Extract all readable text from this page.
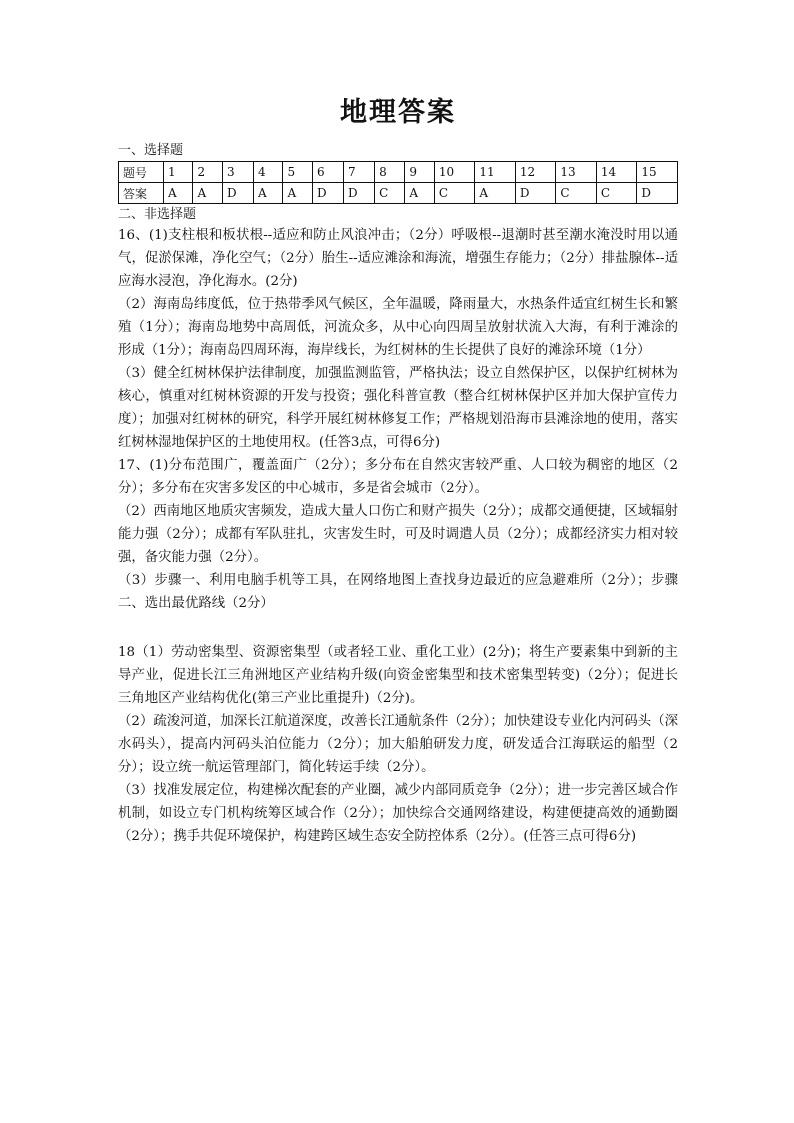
地理答案

一、选择题

题号	1	2	3	4	5	6	7	8	9	10	11	12	13	14	15
答案	A	A	D	A	A	D	D	C	A	C	A	D	C	C	D

二、非选择题

16、(1)支柱根和板状根--适应和防止风浪冲击；（2分）呼吸根--退潮时甚至潮水淹没时用以通气，促淤保滩，净化空气；（2分）胎生--适应滩涂和海流，增强生存能力；（2分）排盐腺体--适应海水浸泡，净化海水。(2分)

（2）海南岛纬度低，位于热带季风气候区，全年温暖，降雨量大，水热条件适宜红树生长和繁殖（1分）；海南岛地势中高周低，河流众多，从中心向四周呈放射状流入大海，有利于滩涂的形成（1分）；海南岛四周环海，海岸线长，为红树林的生长提供了良好的滩涂环境（1分）

（3）健全红树林保护法律制度，加强监测监管，严格执法；设立自然保护区，以保护红树林为核心，慎重对红树林资源的开发与投资；强化科普宣教（整合红树林保护区并加大保护宣传力度）；加强对红树林的研究，科学开展红树林修复工作；严格规划沿海市县滩涂地的使用，落实红树林湿地保护区的土地使用权。(任答3点，可得6分)

17、(1)分布范围广，覆盖面广（2分）；多分布在自然灾害较严重、人口较为稠密的地区（2分）；多分布在灾害多发区的中心城市，多是省会城市（2分）。

（2）西南地区地质灾害频发，造成大量人口伤亡和财产损失（2分）；成都交通便捷，区域辐射能力强（2分）；成都有军队驻扎，灾害发生时，可及时调遣人员（2分）；成都经济实力相对较强，备灾能力强（2分）。

（3）步骤一、利用电脑手机等工具，在网络地图上查找身边最近的应急避难所（2分）；步骤二、选出最优路线（2分）

18（1）劳动密集型、资源密集型（或者轻工业、重化工业）(2分)；将生产要素集中到新的主导产业，促进长江三角洲地区产业结构升级(向资金密集型和技术密集型转变)（2分）；促进长三角地区产业结构优化(第三产业比重提升)（2分)。

（2）疏浚河道，加深长江航道深度，改善长江通航条件（2分）；加快建设专业化内河码头（深水码头），提高内河码头泊位能力（2分）；加大船舶研发力度，研发适合江海联运的船型（2分）；设立统一航运管理部门，简化转运手续（2分）。

（3）找准发展定位，构建梯次配套的产业圈，减少内部同质竞争（2分）；进一步完善区域合作机制，如设立专门机构统筹区域合作（2分）；加快综合交通网络建设，构建便捷高效的通勤圈（2分）；携手共促环境保护，构建跨区域生态安全防控体系（2分）。(任答三点可得6分)
